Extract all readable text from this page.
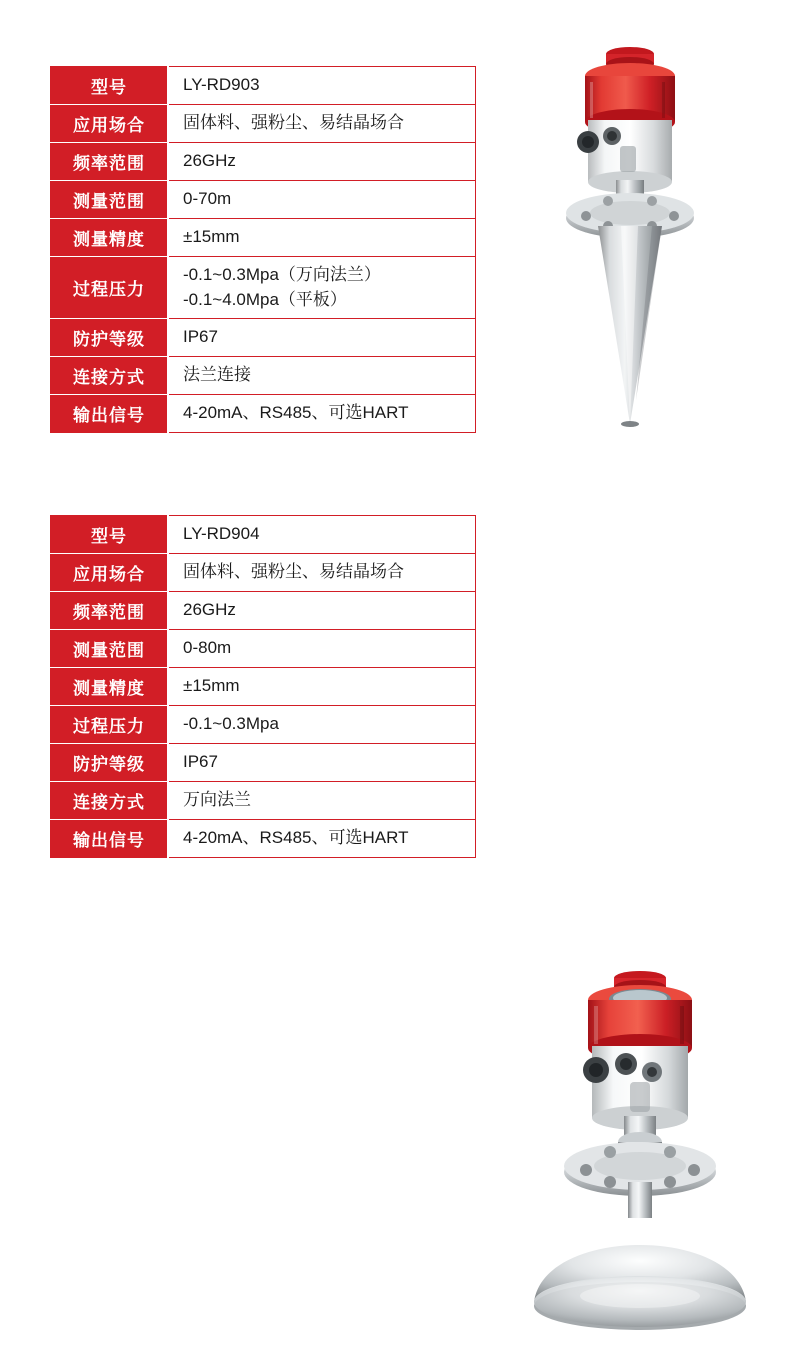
型号	LY-RD903
应用场合	固体料、强粉尘、易结晶场合
频率范围	26GHz
测量范围	0-70m
测量精度	±15mm
过程压力	-0.1~0.3Mpa（万向法兰）
-0.1~4.0Mpa（平板）

防护等级	IP67
连接方式	法兰连接
输出信号	4-20mA、RS485、可选HART
型号	LY-RD904
应用场合	固体料、强粉尘、易结晶场合
频率范围	26GHz
测量范围	0-80m
测量精度	±15mm
过程压力	-0.1~0.3Mpa
防护等级	IP67
连接方式	万向法兰
输出信号	4-20mA、RS485、可选HART
